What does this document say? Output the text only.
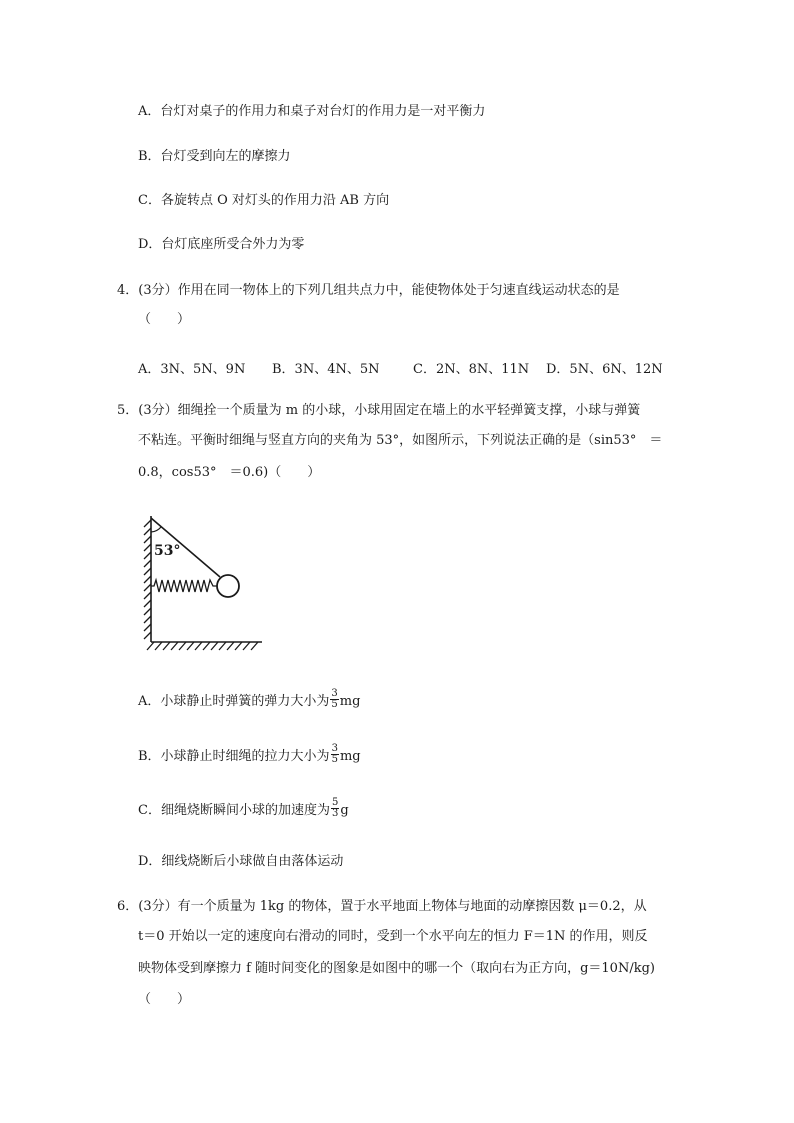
A．台灯对桌子的作用力和桌子对台灯的作用力是一对平衡力
B．台灯受到向左的摩擦力
C．各旋转点 O 对灯头的作用力沿 AB 方向
D．台灯底座所受合外力为零
4．(3分）作用在同一物体上的下列几组共点力中，能使物体处于匀速直线运动状态的是
（　　）
A．3N、5N、9N B．3N、4N、5N	C．2N、8N、11N D．5N、6N、12N
5．(3分）细绳拴一个质量为 m 的小球，小球用固定在墙上的水平轻弹簧支撑，小球与弹簧
不粘连。平衡时细绳与竖直方向的夹角为 53°，如图所示，下列说法正确的是（sin53°　＝
0.8，cos53°　＝0.6)（　　）
53°
A．小球静止时弹簧的弹力大小为 $\frac{3}{5}$ mg
B．小球静止时细绳的拉力大小为 $\frac{3}{5}$ mg
C．细绳烧断瞬间小球的加速度为 $\frac{5}{3}$ g
D．细线烧断后小球做自由落体运动
6．(3分）有一个质量为 1kg 的物体，置于水平地面上物体与地面的动摩擦因数 μ＝0.2，从
t＝0 开始以一定的速度向右滑动的同时，受到一个水平向左的恒力 F＝1N 的作用，则反
映物体受到摩擦力 f 随时间变化的图象是如图中的哪一个（取向右为正方向，g＝10N/kg)
（　　）
